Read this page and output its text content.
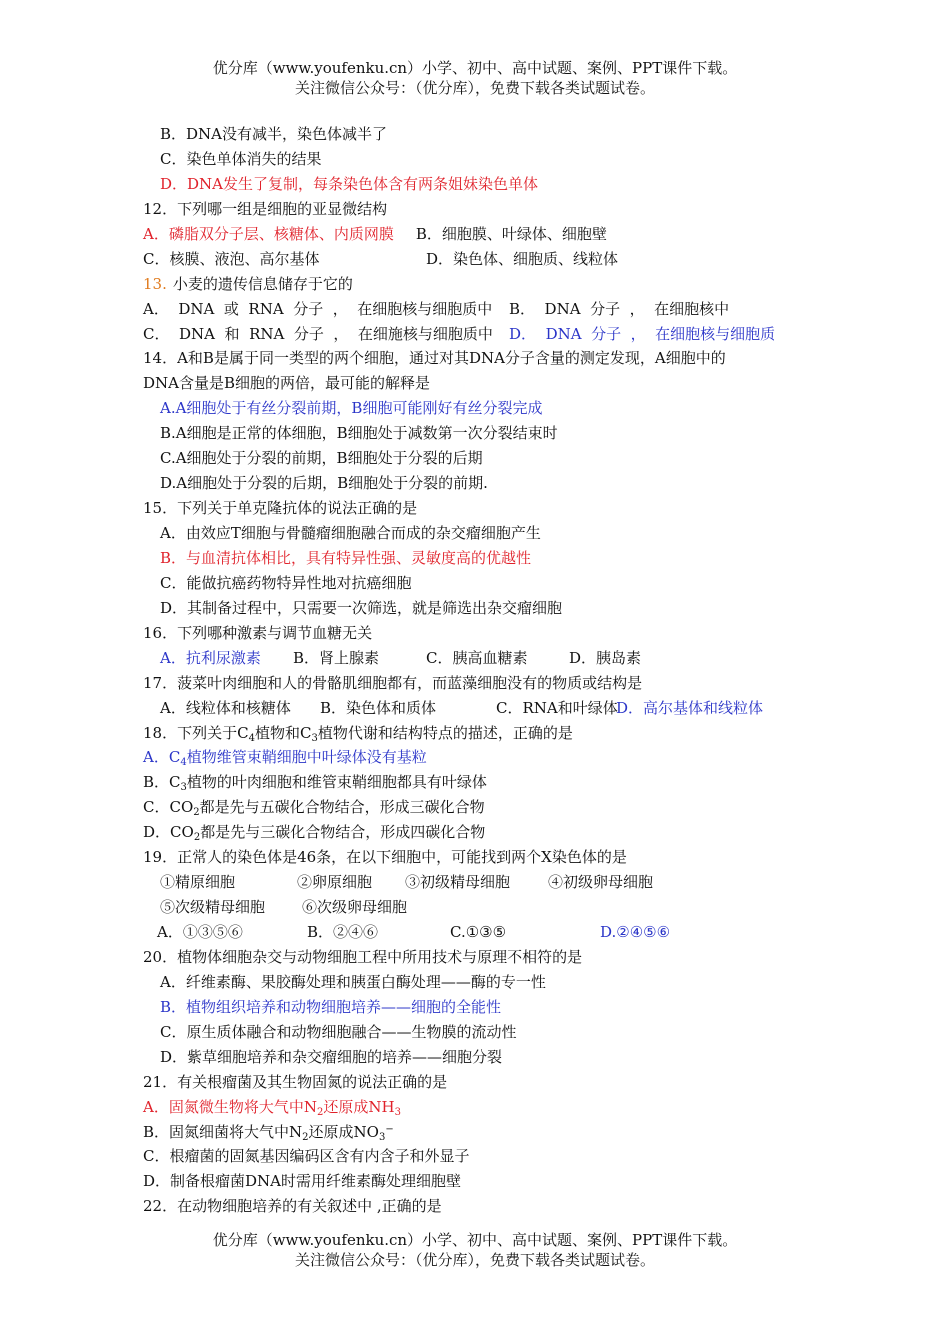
优分库（www.youfenku.cn）小学、初中、高中试题、案例、PPT课件下载。
关注微信公众号：（优分库），免费下载各类试题试卷。
B．DNA没有减半，染色体减半了
C．染色单体消失的结果
D．DNA发生了复制，每条染色体含有两条姐妹染色单体
12．下列哪一组是细胞的亚显微结构
A．磷脂双分子层、核糖体、内质网膜 B．细胞膜、叶绿体、细胞壁
C．核膜、液泡、高尔基体	D．染色体、细胞质、线粒体
13. 小麦的遗传信息储存于它的
A．  DNA  或  RNA  分子  ，  在细胞核与细胞质中 B．  DNA  分子  ，  在细胞核中
C．  DNA  和  RNA  分子  ，  在细施核与细胞质中 D．  DNA  分子  ，  在细胞核与细胞质
14．A和B是属于同一类型的两个细胞，通过对其DNA分子含量的测定发现，A细胞中的
DNA含量是B细胞的两倍，最可能的解释是
A.A细胞处于有丝分裂前期，B细胞可能刚好有丝分裂完成
B.A细胞是正常的体细胞，B细胞处于减数第一次分裂结束时
C.A细胞处于分裂的前期，B细胞处于分裂的后期
D.A细胞处于分裂的后期，B细胞处于分裂的前期.
15．下列关于单克隆抗体的说法正确的是
A．由效应T细胞与骨髓瘤细胞融合而成的杂交瘤细胞产生
B．与血清抗体相比，具有特异性强、灵敏度高的优越性
C．能做抗癌药物特异性地对抗癌细胞
D．其制备过程中，只需要一次筛选，就是筛选出杂交瘤细胞
16．下列哪种激素与调节血糖无关
A．抗利尿激素 B．肾上腺素	C．胰高血糖素	D．胰岛素
17．菠菜叶肉细胞和人的骨骼肌细胞都有，而蓝藻细胞没有的物质或结构是
A．线粒体和核糖体 B．染色体和质体	C．RNA和叶绿体D．高尔基体和线粒体
18．下列关于$C_4$植物和$C_3$植物代谢和结构特点的描述，正确的是
A．$C_4$植物维管束鞘细胞中叶绿体没有基粒
B．$C_3$植物的叶肉细胞和维管束鞘细胞都具有叶绿体
C．$CO_2$都是先与五碳化合物结合，形成三碳化合物
D．$CO_2$都是先与三碳化合物结合，形成四碳化合物
19．正常人的染色体是46条，在以下细胞中，可能找到两个X染色体的是
①精原细胞	②卵原细胞 ③初级精母细胞	④初级卵母细胞
⑤次级精母细胞 ⑥次级卵母细胞
A．①③⑤⑥	B．②④⑥	C.①③⑤	D.②④⑤⑥
20．植物体细胞杂交与动物细胞工程中所用技术与原理不相符的是
A．纤维素酶、果胶酶处理和胰蛋白酶处理——酶的专一性
B．植物组织培养和动物细胞培养——细胞的全能性
C．原生质体融合和动物细胞融合——生物膜的流动性
D．紫草细胞培养和杂交瘤细胞的培养——细胞分裂
21．有关根瘤菌及其生物固氮的说法正确的是
A．固氮微生物将大气中$N_2$还原成$NH_3$
B．固氮细菌将大气中$N_2$还原成$NO_3^-$
C．根瘤菌的固氮基因编码区含有内含子和外显子
D．制备根瘤菌DNA时需用纤维素酶处理细胞壁
22．在动物细胞培养的有关叙述中 ,正确的是
优分库（www.youfenku.cn）小学、初中、高中试题、案例、PPT课件下载。
关注微信公众号：（优分库），免费下载各类试题试卷。
